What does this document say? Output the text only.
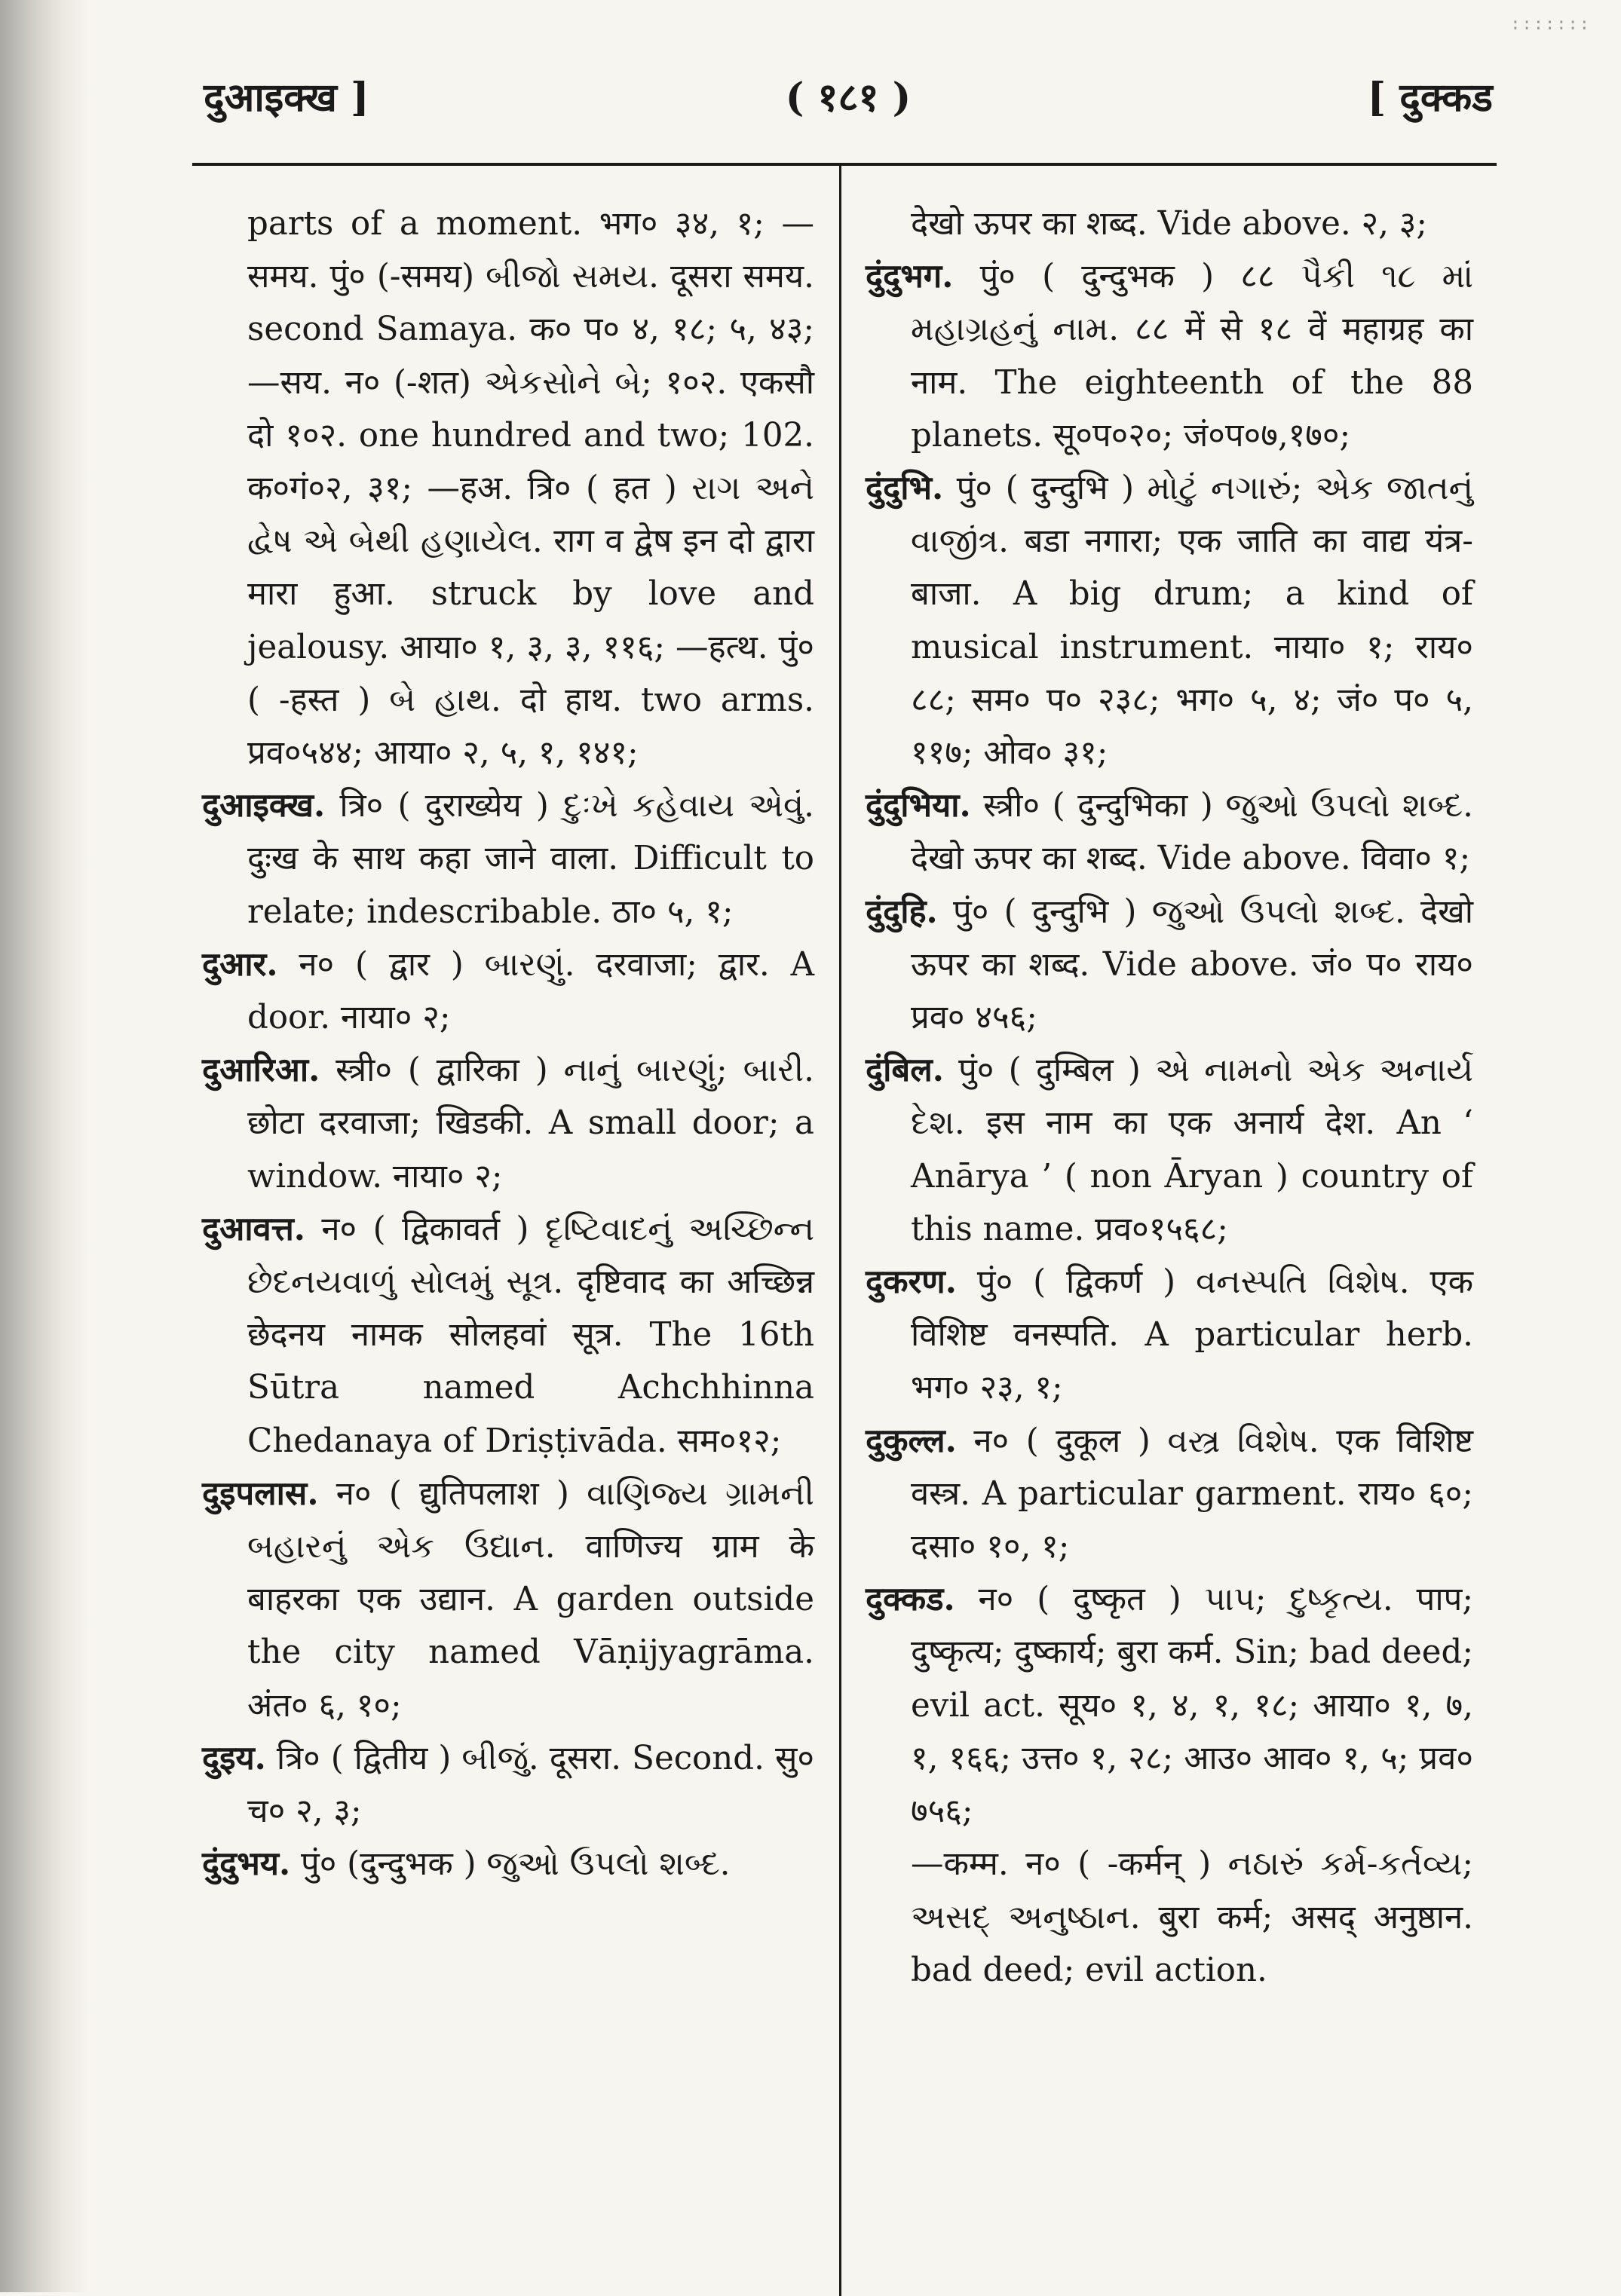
:::::::
दुआइक्ख ]	( १८१ )	[ दुक्कड
parts of a moment. भग० ३४, १; —समय. पुं० (-समय) બીજો સમય. दूसरा समय. second Samaya. क० प० ४, १८; ५, ४३; —सय. न० (-शत) એકસોને બે; १०२. एकसौ दो १०२. one hundred and two; 102. क०गं०२, ३१; —हअ. त्रि० ( हत ) રાગ અને દ્વેષ એ બેથી હણાયેલ. राग व द्वेष इन दो द्वारा मारा हुआ. struck by love and jealousy. आया० १, ३, ३, ११६; —हत्थ. पुं० ( -हस्त ) બે હાથ. दो हाथ. two arms. प्रव०५४४; आया० २, ५, १, १४१;
दुआइक्ख. त्रि० ( दुराख्येय ) દુઃખે કહેવાય એવું. दुःख के साथ कहा जाने वाला. Difficult to relate; indescribable. ठा० ५, १;
दुआर. न० ( द्वार ) બારણું. दरवाजा; द्वार. A door. नाया० २;
दुआरिआ. स्त्री० ( द्वारिका ) નાનું બારણું; બારી. छोटा दरवाजा; खिडकी. A small door; a window. नाया० २;
दुआवत्त. न० ( द्विकावर्त ) દૃષ્ટિવાદનું અચ્છિન્ન છેદનયવાળું સોલમું સૂત્ર. दृष्टिवाद का अच्छिन्न छेदनय नामक सोलहवां सूत्र. The 16th Sūtra named Achchhinna Chedanaya of Driṣṭivāda. सम०१२;
दुइपलास. न० ( द्युतिपलाश ) વાણિજ્ય ગ્રામની બહારનું એક ઉદ્યાન. वाणिज्य ग्राम के बाहरका एक उद्यान. A garden outside the city named Vāṇijyagrāma. अंत० ६, १०;
दुइय. त्रि० ( द्वितीय ) બીજું. दूसरा. Second. सु० च० २, ३;
दुंदुभय. पुं० (दुन्दुभक ) જુઓ ઉપલો શબ્દ.
देखो ऊपर का शब्द. Vide above. २, ३;
दुंदुभग. पुं० ( दुन्दुभक ) ८८ પૈકી ૧૮ માં મહાગ્રહનું નામ. ८८ में से १८ वें महाग्रह का नाम. The eighteenth of the 88 planets. सू०प०२०; जं०प०७,१७०;
दुंदुभि. पुं० ( दुन्दुभि ) મોટું નગારું; એક જાતનું વાજીંત્ર. बडा नगारा; एक जाति का वाद्य यंत्र-बाजा. A big drum; a kind of musical instrument. नाया० १; राय० ८८; सम० प० २३८; भग० ५, ४; जं० प० ५, ११७; ओव० ३१;
दुंदुभिया. स्त्री० ( दुन्दुभिका ) જુઓ ઉપલો શબ્દ. देखो ऊपर का शब्द. Vide above. विवा० १;
दुंदुहि. पुं० ( दुन्दुभि ) જુઓ ઉપલો શબ્દ. देखो ऊपर का शब्द. Vide above. जं० प० राय० प्रव० ४५६;
दुंबिल. पुं० ( दुम्बिल ) એ નામનો એક અનાર્ય દેશ. इस नाम का एक अनार्य देश. An ‘ Anārya ’ ( non Āryan ) country of this name. प्रव०१५६८;
दुकरण. पुं० ( द्विकर्ण ) વનસ્પતિ વિશેષ. एक विशिष्ट वनस्पति. A particular herb. भग० २३, १;
दुकुल्ल. न० ( दुकूल ) વસ્ત્ર વિશેષ. एक विशिष्ट वस्त्र. A particular garment. राय० ६०; दसा० १०, १;
दुक्कड. न० ( दुष्कृत ) પાપ; દુષ્કૃત્ય. पाप; दुष्कृत्य; दुष्कार्य; बुरा कर्म. Sin; bad deed; evil act. सूय० १, ४, १, १८; आया० १, ७, १, १६६; उत्त० १, २८; आउ० आव० १, ५; प्रव० ७५६;
—कम्म. न० ( -कर्मन् ) નઠારું કર્મ-કર્તવ્ય; અસદ્ અનુષ્ઠાન. बुरा कर्म; असद् अनुष्ठान. bad deed; evil action.
